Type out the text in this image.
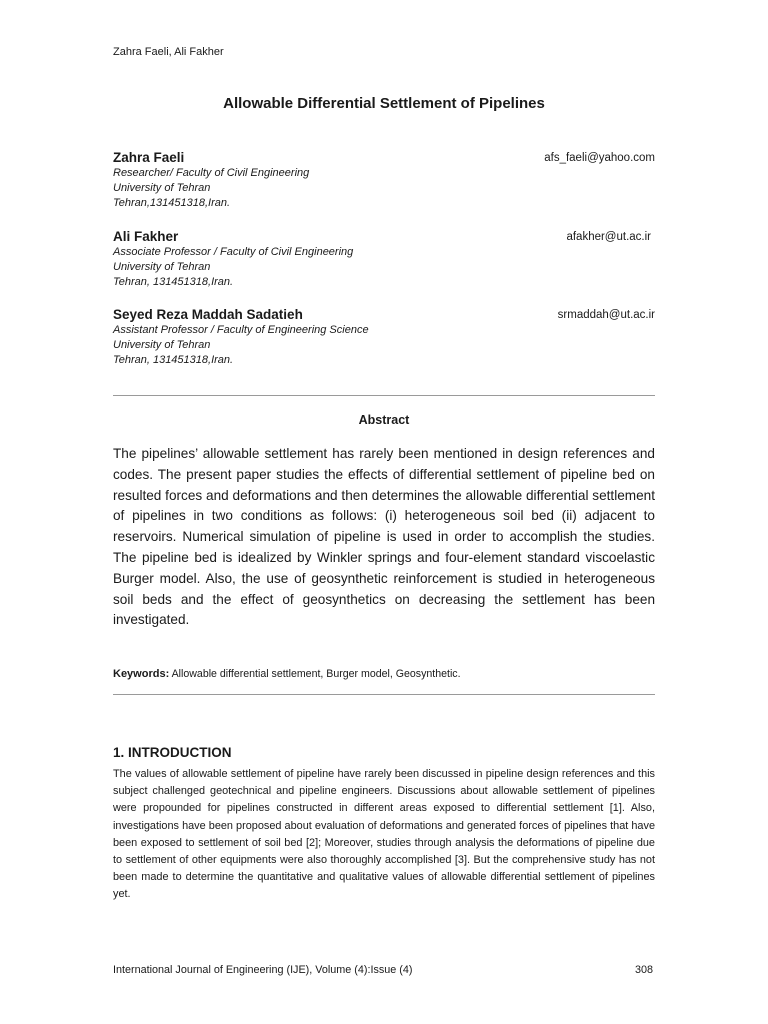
Zahra Faeli, Ali Fakher
Allowable Differential Settlement of Pipelines
Zahra Faeli	afs_faeli@yahoo.com
Researcher/ Faculty of Civil Engineering
University of Tehran
Tehran,131451318,Iran.
Ali Fakher	afakher@ut.ac.ir
Associate Professor / Faculty of Civil Engineering
University of Tehran
Tehran, 131451318,Iran.
Seyed Reza Maddah Sadatieh	srmaddah@ut.ac.ir
Assistant Professor / Faculty of Engineering Science
University of Tehran
Tehran, 131451318,Iran.
Abstract
The pipelines’ allowable settlement has rarely been mentioned in design references and codes. The present paper studies the effects of differential settlement of pipeline bed on resulted forces and deformations and then determines the allowable differential settlement of pipelines in two conditions as follows: (i) heterogeneous soil bed (ii) adjacent to reservoirs. Numerical simulation of pipeline is used in order to accomplish the studies. The pipeline bed is idealized by Winkler springs and four-element standard viscoelastic Burger model. Also, the use of geosynthetic reinforcement is studied in heterogeneous soil beds and the effect of geosynthetics on decreasing the settlement has been investigated.
Keywords: Allowable differential settlement, Burger model, Geosynthetic.
1. INTRODUCTION
The values of allowable settlement of pipeline have rarely been discussed in pipeline design references and this subject challenged geotechnical and pipeline engineers. Discussions about allowable settlement of pipelines were propounded for pipelines constructed in different areas exposed to differential settlement [1]. Also, investigations have been proposed about evaluation of deformations and generated forces of pipelines that have been exposed to settlement of soil bed [2]; Moreover, studies through analysis the deformations of pipeline due to settlement of other equipments were also thoroughly accomplished [3]. But the comprehensive study has not been made to determine the quantitative and qualitative values of allowable differential settlement of pipelines yet.
International Journal of Engineering (IJE), Volume (4):Issue (4)	308
